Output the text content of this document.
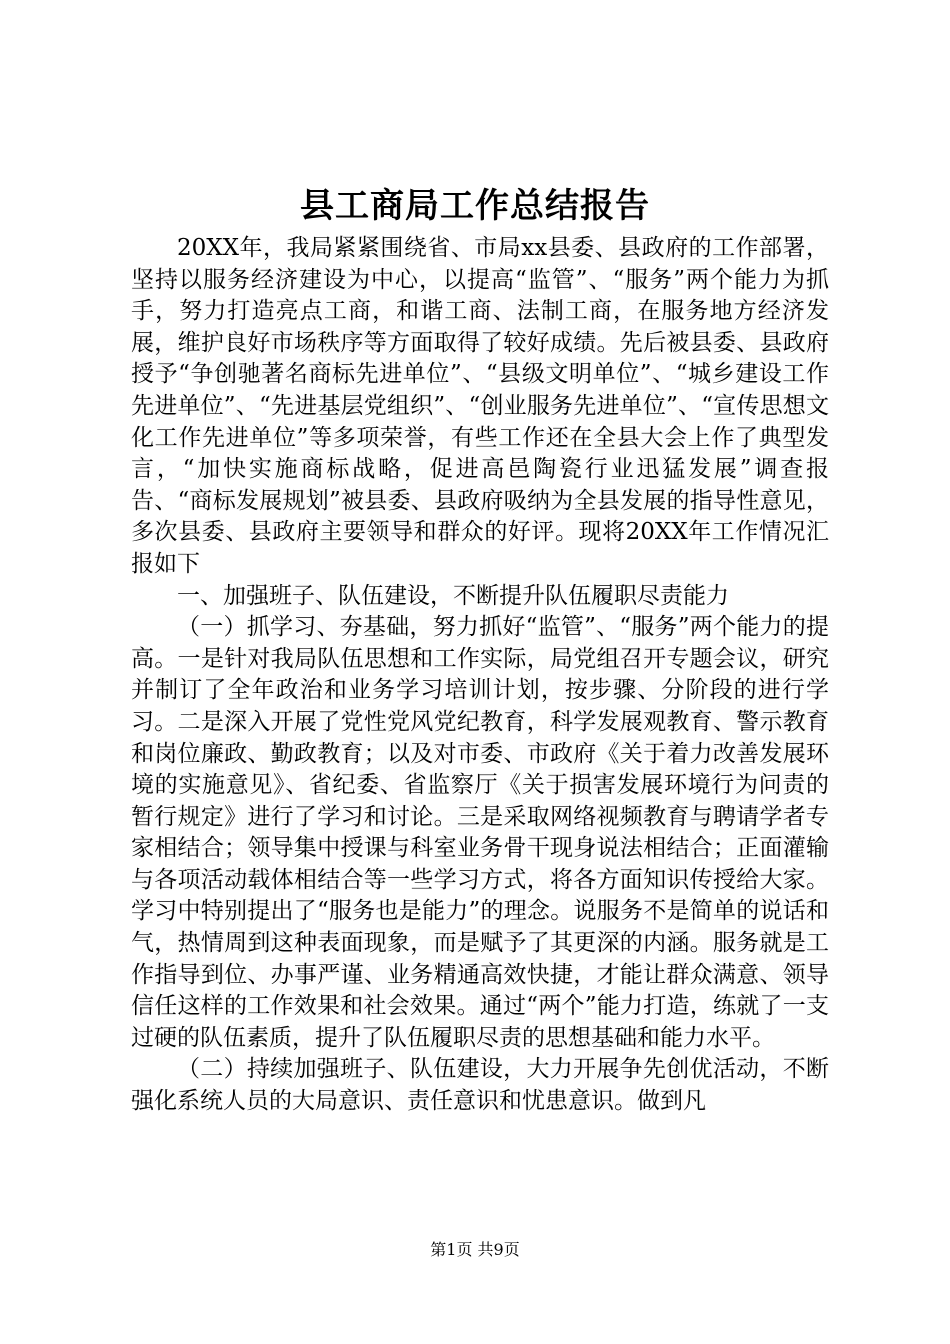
县工商局工作总结报告

20XX年，我局紧紧围绕省、市局xx县委、县政府的工作部署，坚持以服务经济建设为中心，以提高“监管”、“服务”两个能力为抓手，努力打造亮点工商，和谐工商、法制工商，在服务地方经济发展，维护良好市场秩序等方面取得了较好成绩。先后被县委、县政府授予“争创驰著名商标先进单位”、“县级文明单位”、“城乡建设工作先进单位”、“先进基层党组织”、“创业服务先进单位”、“宣传思想文化工作先进单位”等多项荣誉，有些工作还在全县大会上作了典型发言，“加快实施商标战略，促进高邑陶瓷行业迅猛发展”调查报告、“商标发展规划”被县委、县政府吸纳为全县发展的指导性意见，多次县委、县政府主要领导和群众的好评。现将20XX年工作情况汇报如下

一、加强班子、队伍建设，不断提升队伍履职尽责能力

（一）抓学习、夯基础，努力抓好“监管”、“服务”两个能力的提高。一是针对我局队伍思想和工作实际，局党组召开专题会议，研究并制订了全年政治和业务学习培训计划，按步骤、分阶段的进行学习。二是深入开展了党性党风党纪教育，科学发展观教育、警示教育和岗位廉政、勤政教育；以及对市委、市政府《关于着力改善发展环境的实施意见》、省纪委、省监察厅《关于损害发展环境行为问责的暂行规定》进行了学习和讨论。三是采取网络视频教育与聘请学者专家相结合；领导集中授课与科室业务骨干现身说法相结合；正面灌输与各项活动载体相结合等一些学习方式，将各方面知识传授给大家。学习中特别提出了“服务也是能力”的理念。说服务不是简单的说话和气，热情周到这种表面现象，而是赋予了其更深的内涵。服务就是工作指导到位、办事严谨、业务精通高效快捷，才能让群众满意、领导信任这样的工作效果和社会效果。通过“两个”能力打造，练就了一支过硬的队伍素质，提升了队伍履职尽责的思想基础和能力水平。

（二）持续加强班子、队伍建设，大力开展争先创优活动，不断强化系统人员的大局意识、责任意识和忧患意识。做到凡

第1页 共9页
